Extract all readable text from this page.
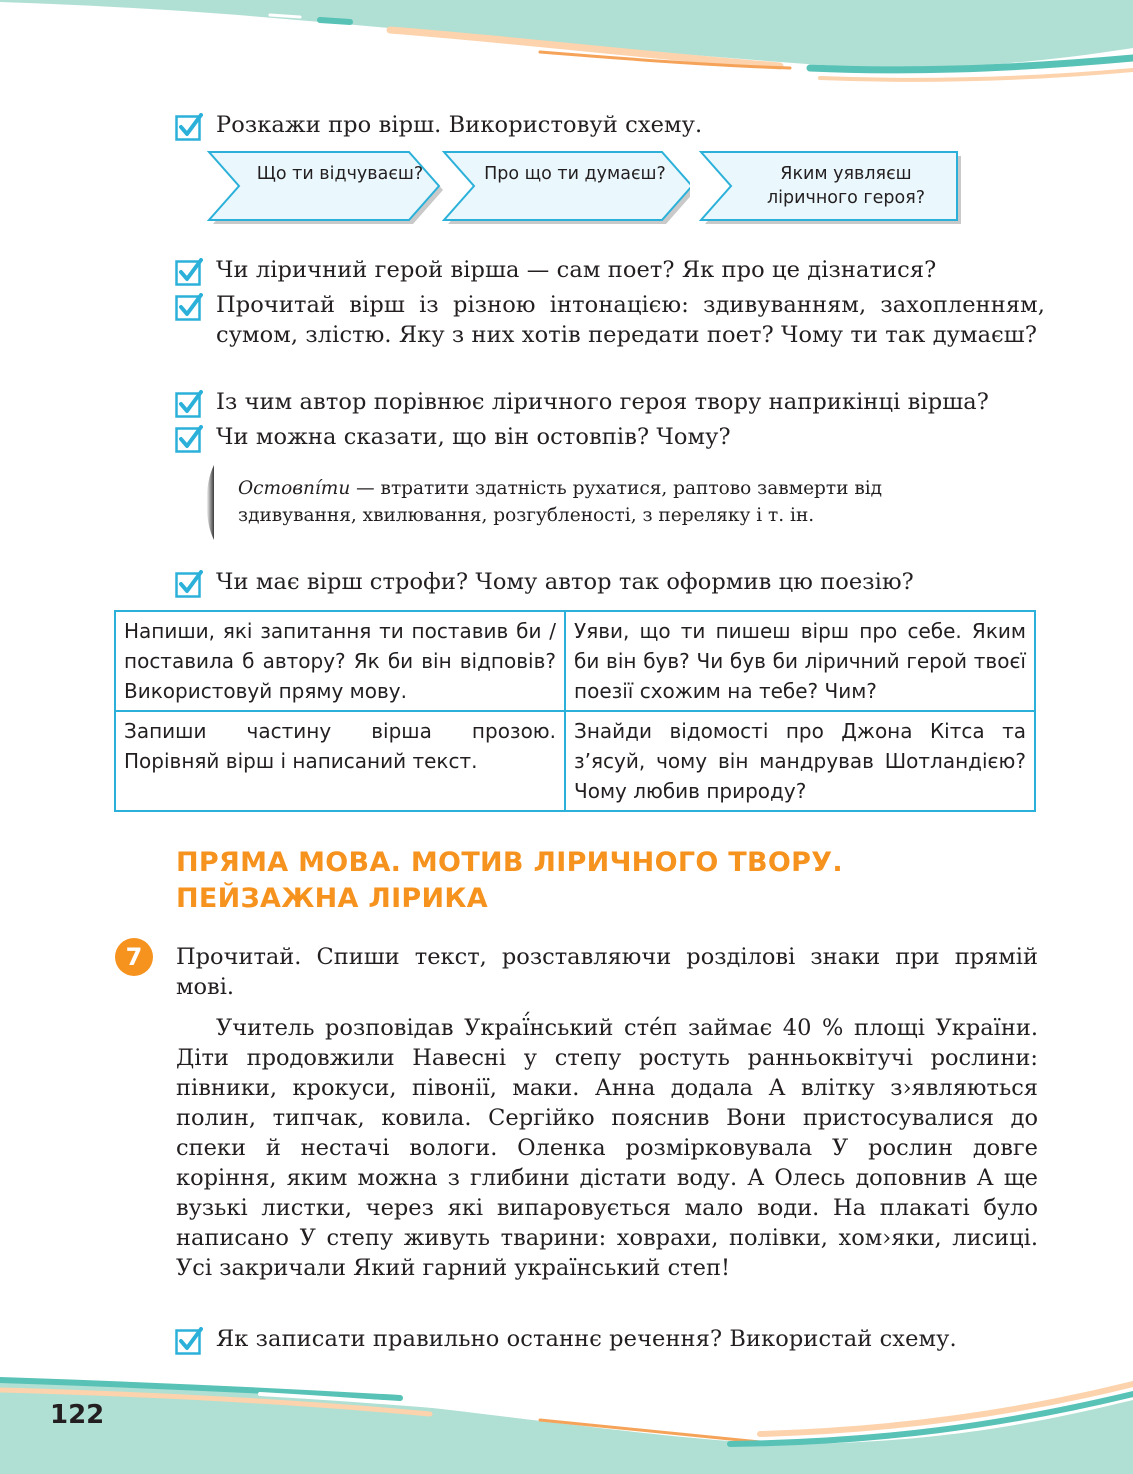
Розкажи про вірш. Використовуй схему.
Що ти відчуваєш?	Про що ти думаєш?	Яким уявляєш ліричного героя?
Чи ліричний герой вірша — сам поет? Як про це дізнатися?
Прочитай вірш із різною інтонацією: здивуванням, захопленням, сумом, злістю. Яку з них хотів передати поет? Чому ти так думаєш?
Із чим автор порівнює ліричного героя твору наприкінці вірша?
Чи можна сказати, що він остовпів? Чому?
Остовпíти — втратити здатність рухатися, раптово завмерти від здивування, хвилювання, розгубленості, з переляку і т. ін.
Чи має вірш строфи? Чому автор так оформив цю поезію?
Напиши, які запитання ти поставив би / поставила б автору? Як би він відповів? Використовуй пряму мову.	Уяви, що ти пишеш вірш про себе. Яким би він був? Чи був би ліричний герой твоєї поезії схожим на тебе? Чим?
Запиши частину вірша прозою. Порівняй вірш і написаний текст.	Знайди відомості про Джона Кітса та з’ясуй, чому він мандрував Шотландією? Чому любив природу?
ПРЯМА МОВА. МОТИВ ЛІРИЧНОГО ТВОРУ.
ПЕЙЗАЖНА ЛІРИКА
7	Прочитай. Спиши текст, розставляючи розділові знаки при прямій мові.
Учитель розповідав Украї́нський сте́п займає 40 % площі України. Діти продовжили Навесні у степу ростуть ранньоквітучі рослини: півники, крокуси, півонії, маки. Анна додала А влітку з›являються полин, типчак, ковила. Сергійко пояснив Вони пристосувалися до спеки й нестачі вологи. Оленка розмірковувала У рослин довге коріння, яким можна з глибини дістати воду. А Олесь доповнив А ще вузькі листки, через які випаровується мало води. На плакаті було написано У степу живуть тварини: ховрахи, полівки, хом›яки, лисиці. Усі закричали Який гарний український степ!
Як записати правильно останнє речення? Використай схему.
122
